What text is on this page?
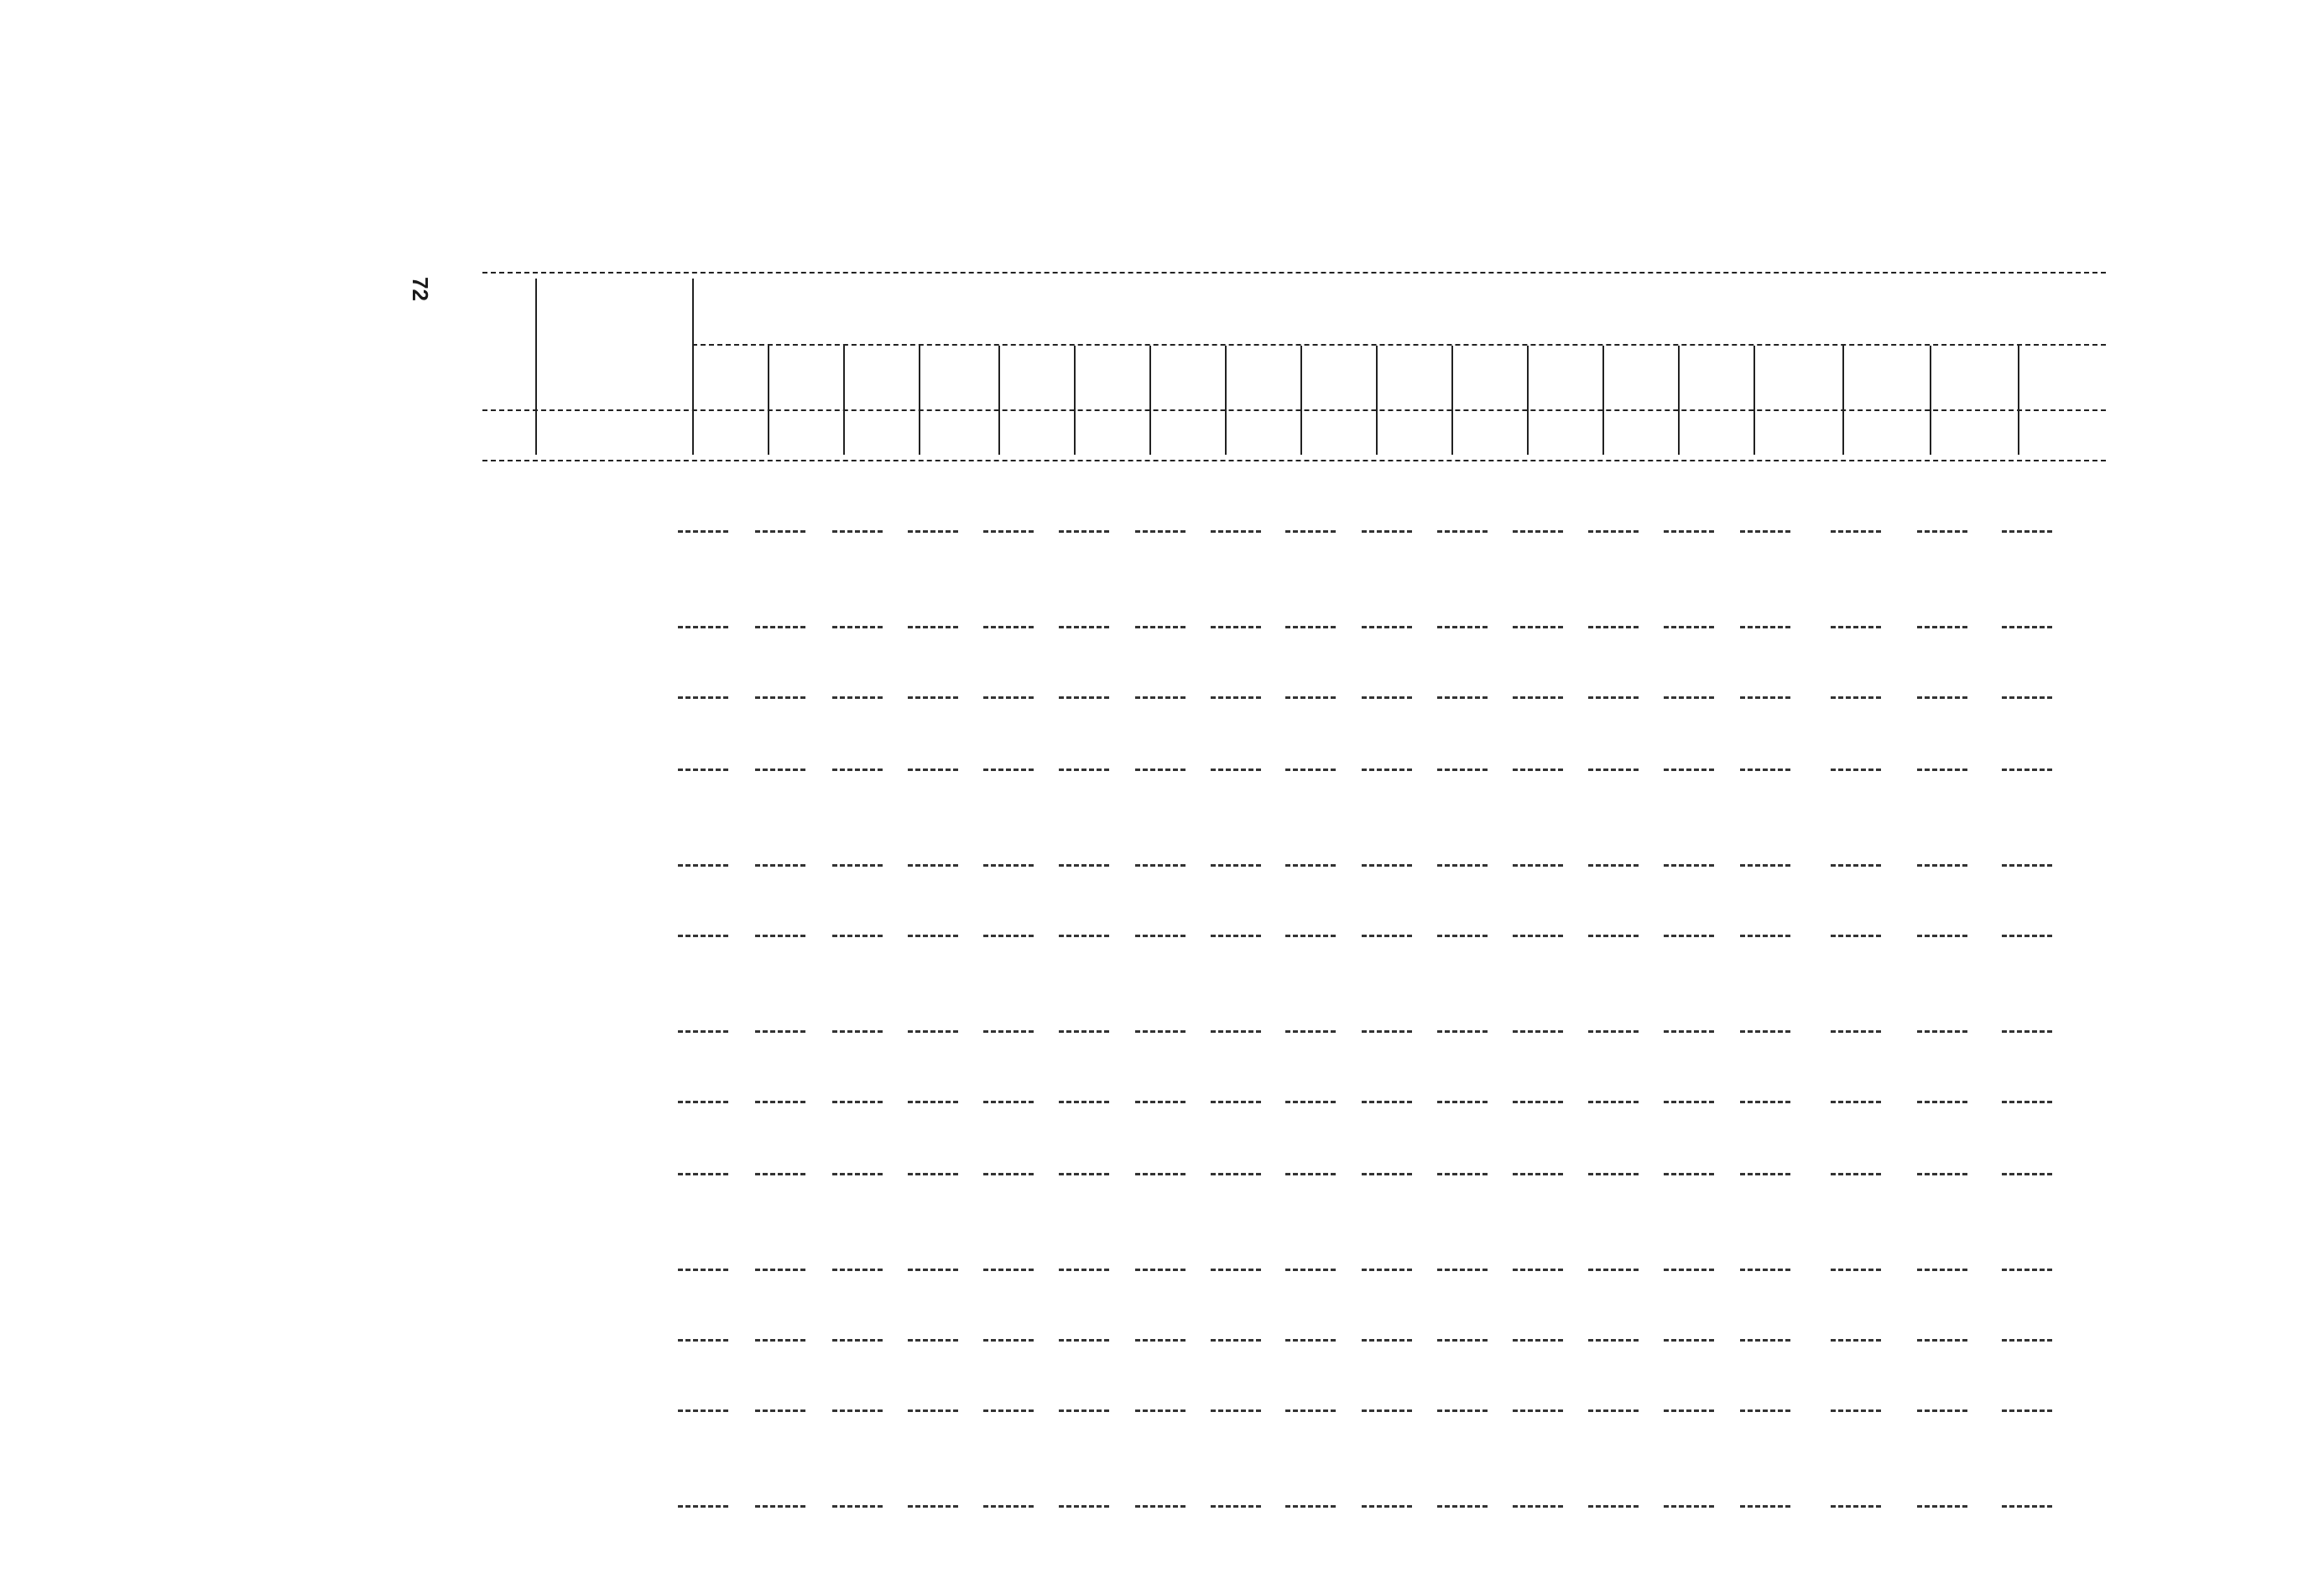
72
